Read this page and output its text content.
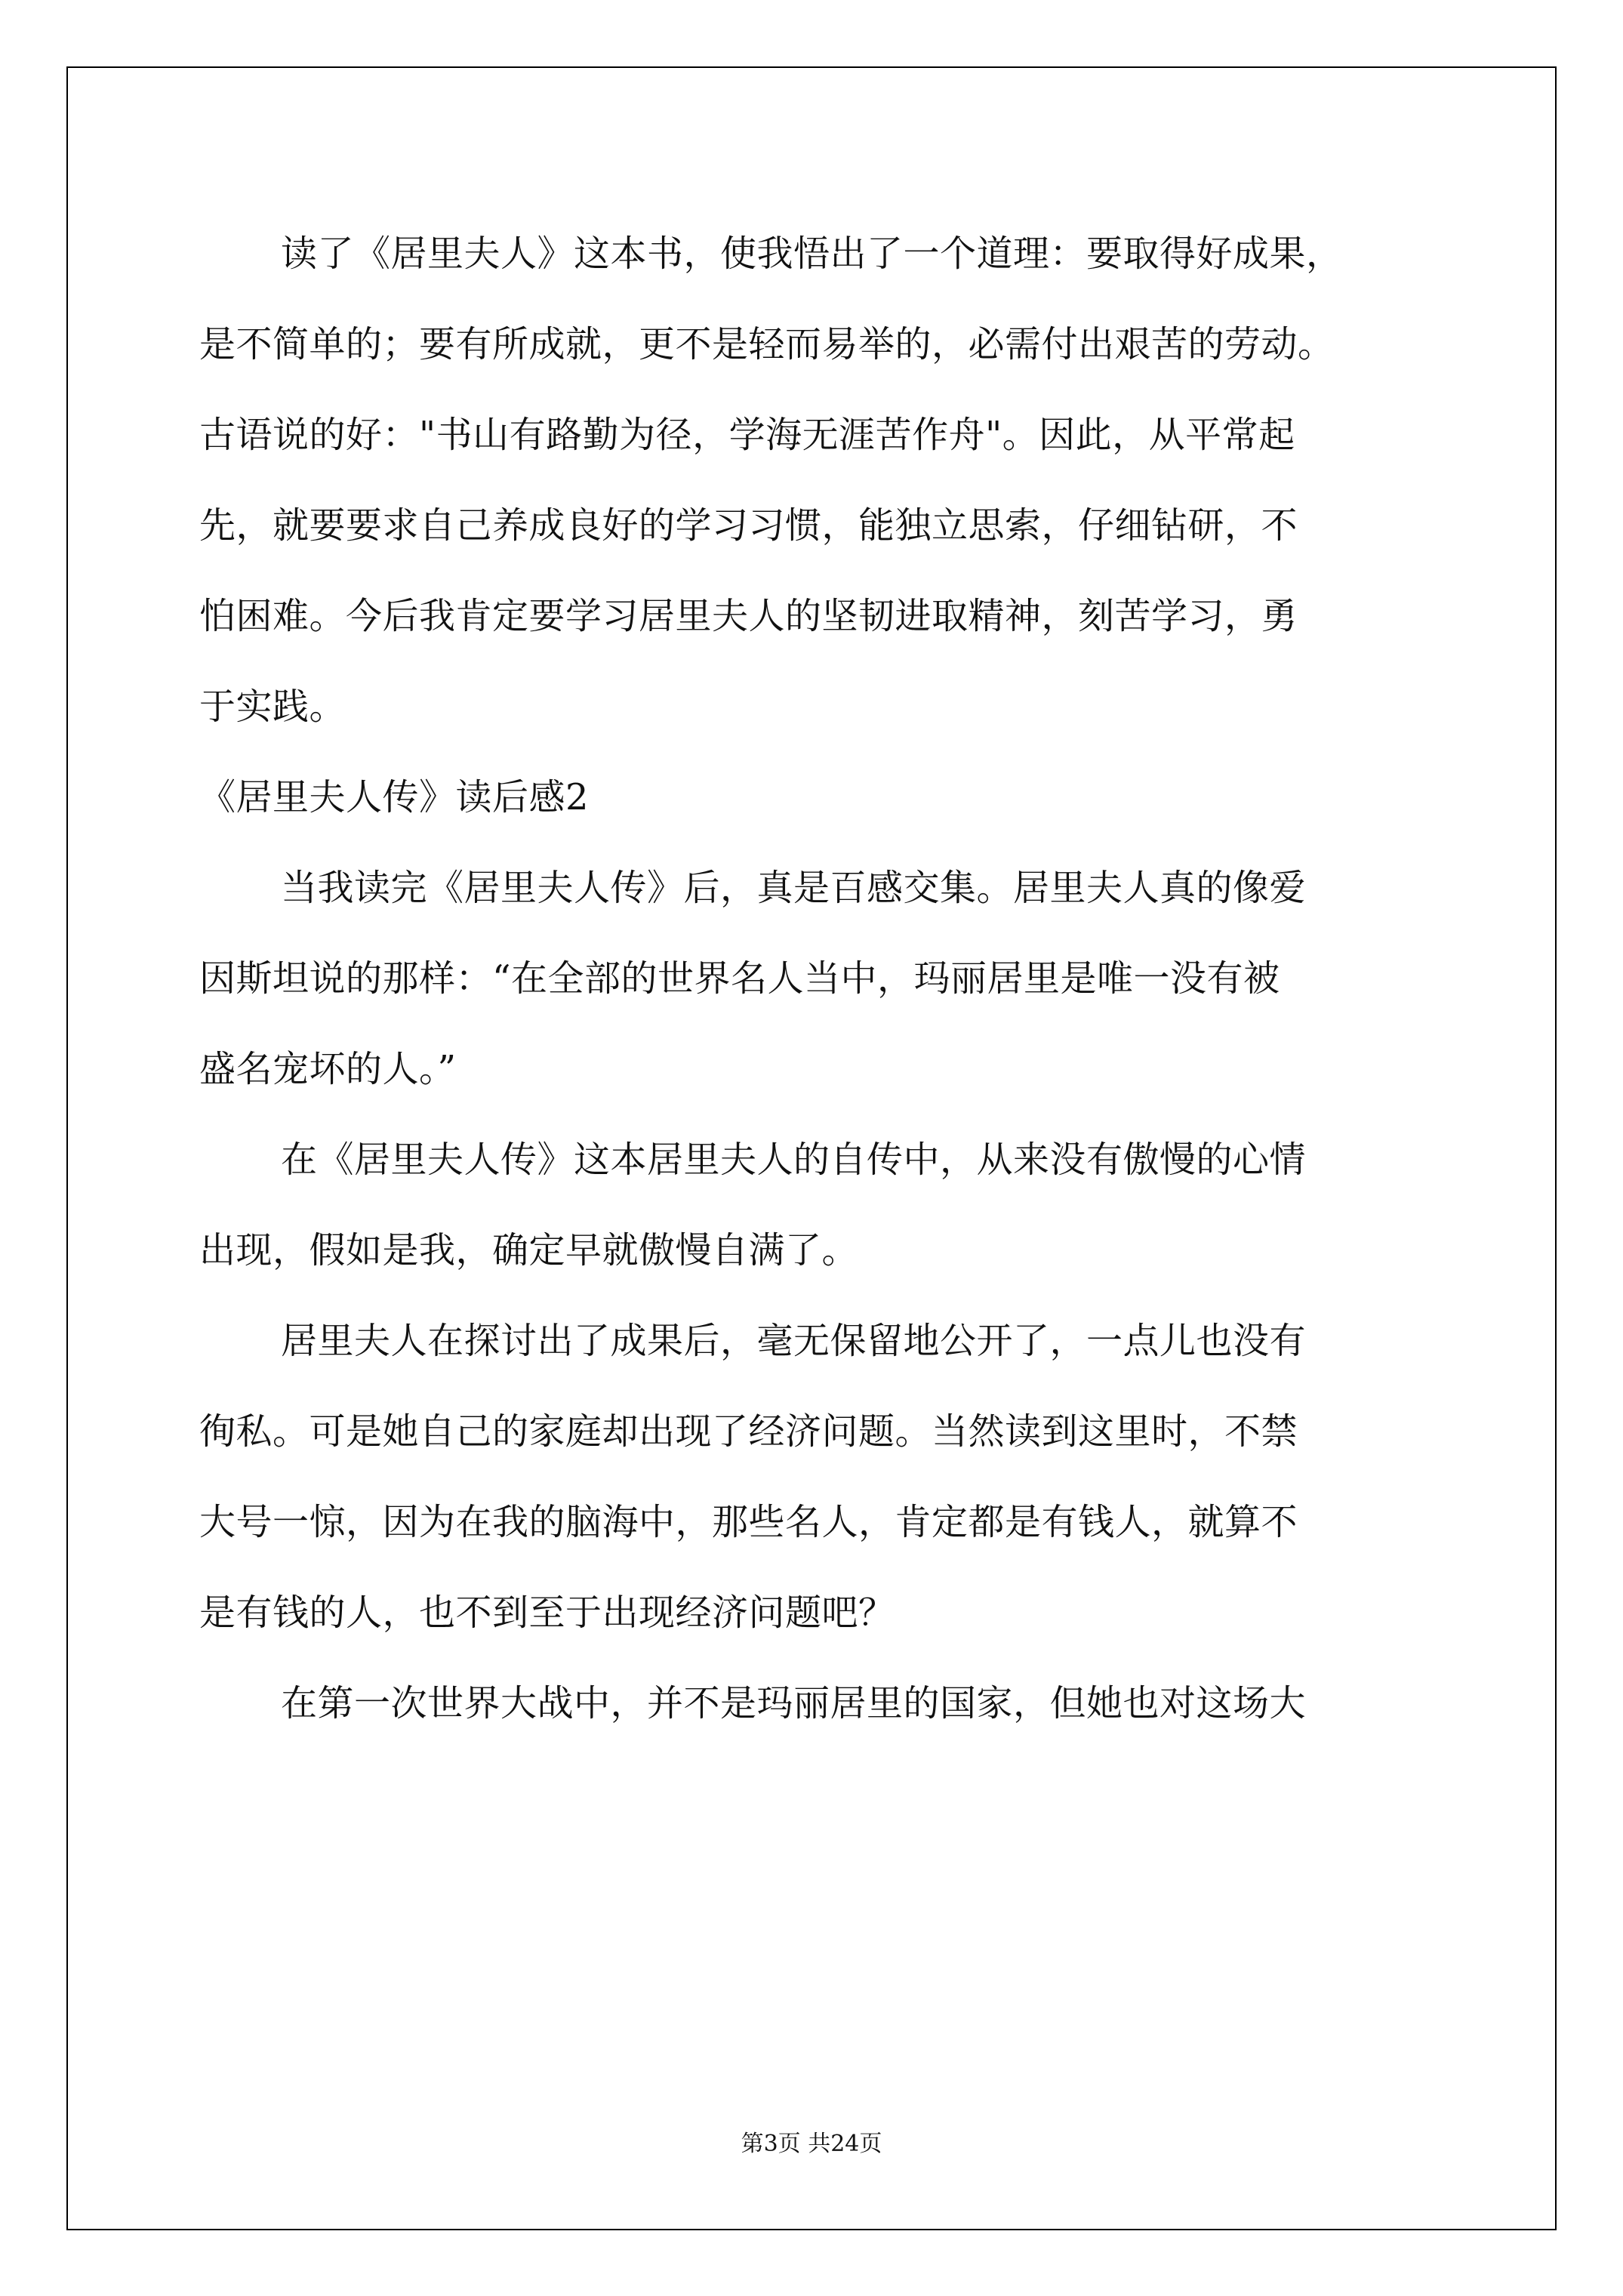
读了《居里夫人》这本书，使我悟出了一个道理：要取得好成果，
是不简单的；要有所成就，更不是轻而易举的，必需付出艰苦的劳动。
古语说的好："书山有路勤为径，学海无涯苦作舟"。因此，从平常起
先，就要要求自己养成良好的学习习惯，能独立思索，仔细钻研，不
怕困难。今后我肯定要学习居里夫人的坚韧进取精神，刻苦学习，勇
于实践。
《居里夫人传》读后感2
当我读完《居里夫人传》后，真是百感交集。居里夫人真的像爱
因斯坦说的那样：“在全部的世界名人当中，玛丽居里是唯一没有被
盛名宠坏的人。”
在《居里夫人传》这本居里夫人的自传中，从来没有傲慢的心情
出现，假如是我，确定早就傲慢自满了。
居里夫人在探讨出了成果后，毫无保留地公开了，一点儿也没有
徇私。可是她自己的家庭却出现了经济问题。当然读到这里时，不禁
大号一惊，因为在我的脑海中，那些名人，肯定都是有钱人，就算不
是有钱的人，也不到至于出现经济问题吧？
在第一次世界大战中，并不是玛丽居里的国家，但她也对这场大
第3页 共24页
